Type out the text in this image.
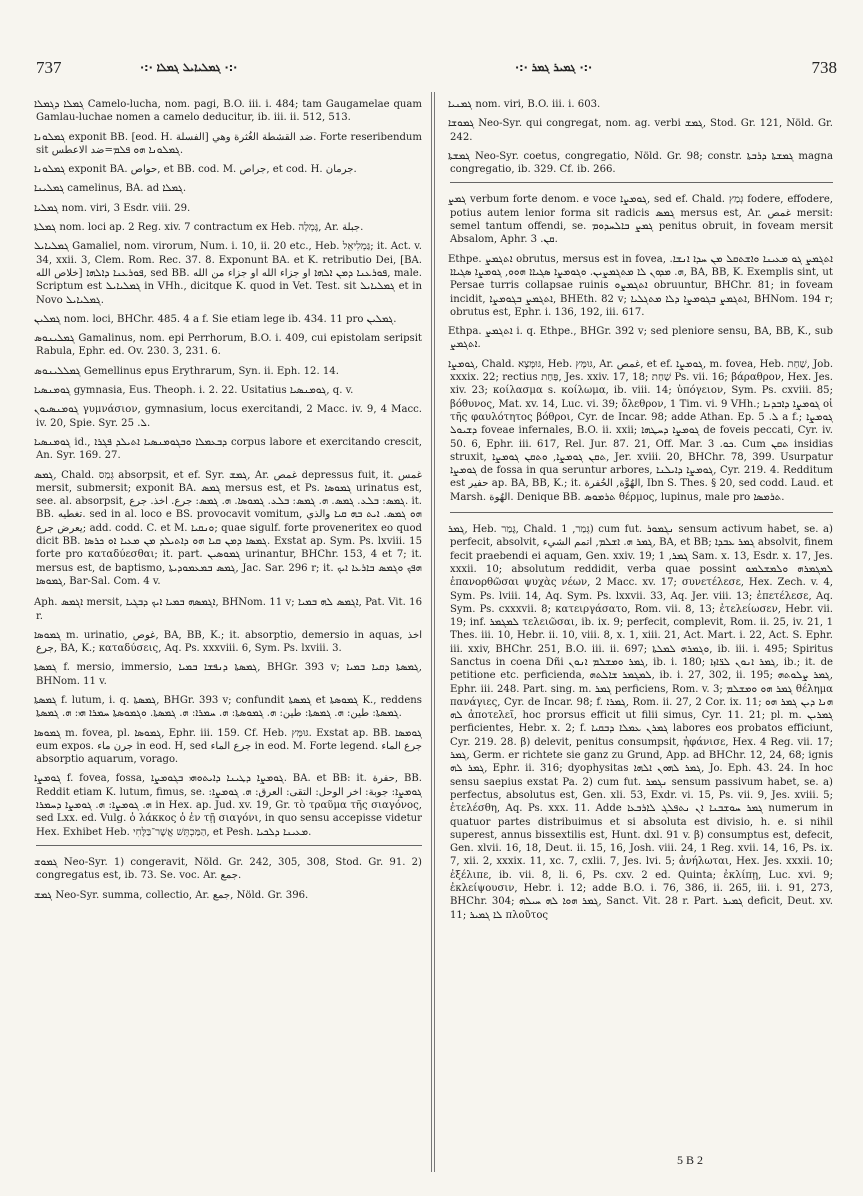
737	·:· ܓܡܠܝܐܝܠ ܓܡܠܐ ·:·	·:· ܓܡܝܪ ܓܡܪ ·:·	738

ܓܡܠܐ ܕܓܡܠܐ Camelo-lucha, nom. pagi, B.O. iii. i. 484; tam Gaugamelae quam Gamlau-luchae nomen a camelo deducitur, ib. iii. ii. 512, 513.

ܓܡܠܘܢܐ exponit BB. [eod. H. الفسلة] ضد القشطة الغُثرة وهي. Forte reseribendum sit ܓܡܠܘܢܐ ܗܘ ܦܠܡ=ضد الاعطس.

ܓܡܠܘܢܐ exponit BA. حواص, et BB. cod. M. جراص, et cod. H. جرمان.

ܓܡܠܝܢܐ camelinus, BA. ad ܓܡܠܐ.

ܓܡܠܝܐ nom. viri, 3 Esdr. viii. 29.

ܓܡܠܬܐ nom. loci ap. 2 Reg. xiv. 7 contractum ex Heb. גֶּמְלָה, Ar. جبلة.

ܓܡܠܝܐܝܠ Gamaliel, nom. virorum, Num. i. 10, ii. 20 etc., Heb. גַּמְלִיאֵל; it. Act. v. 34, xxii. 3, Clem. Rom. Rec. 37. 8. Exponunt BA. et K. retributio Dei, [BA. خلاص الله] ܦܘܪܥܢܐ ܕܐܠܗܐ, sed BB. ܦܘܪܥܢܐ ܕܡܢ ܐܠܗܐ او جزاء الله او جزاء من الله, male. Scriptum est ܓܡܠܝܐܝܠ in VHh., dicitque K. quod in Vet. Test. sit ܓܡܠܝܐܝܠ et in Novo ܓܡܠܝܐܝܠ.

ܓܡܠܝܢ nom. loci, BHChr. 485. 4 a f. Sie etiam lege ib. 434. 11 pro ܓܡܠܝܢ.

ܓܡܠܝܢܘܣ Gamalinus, nom. epi Perrhorum, B.O. i. 409, cui epistolam seripsit Rabula, Ephr. ed. Ov. 230. 3, 231. 6.

ܓܡܠܠܝܢܘܣ Gemellinus epus Erythrarum, Syn. ii. Eph. 12. 14.

ܓܘܡܢܣܝܐ gymnasia, Eus. Theoph. i. 2. 22. Usitatius ܓܘܡܢܣܝܐ, q. v.

ܓܘܡܢܣܝܘܢ γυμνάσιον, gymnasium, locus exercitandi, 2 Macc. iv. 9, 4 Macc. iv. 20, Spie. Syr. ܠ. 25.

ܓܘܡܢܣܝܐ id., ܕܒܥܡܠܐ ܘܒܓܘܡܢܣܝܐ ܐܬܝܠܕ ܦܓܪܐ corpus labore et exercitando crescit, An. Syr. 169. 27.

ܓܡܣ, Chald. גְּמַס absorpsit, et ef. Syr. ܓܡܫ, Ar. غمص depressus fuit, it. غمس mersit, submersit; exponit BA. ܓܡܣ mersus est, et Ps. ܓܡܘܣܐ urinatus est, see. al. absorpsit, ܓܡܣ: ܒܠܥ. ܓܡܣ. ܗ. ܓܡܣ: ܒܠܥ. ܓܡܘܣܐ. ܗ. ܓܡܣ: جرع. اخذ. جرع. it. BB. تغطيه. sed in al. loco e BS. provocavit vomitum, ܗܘ ܓܡܣ. ܐܝܬ ܒܗ ܩܝܐ والذي يعرض جرع; add. codd. C. et M. ܘܢܩܝܐ; quae sigulf. forte proveneritex eo quod dicit BB. ܓܡܣܐ ܕܡܢ ܩܝܐ ܗܘ ܕܐܬܝܠܕ ܡܢ ܡܥܝܐ ܐܘ ܟܪܣܐ. Exstat ap. Sym. Ps. lxviii. 15 forte pro καταδύεσθαι; it. part. ܓܡܘܣܝܢ urinantur, BHChr. 153, 4 et 7; it. mersus est, de baptismo, ܓܡܣ ܒܡܥܡܘܕܝܬܐ, Jac. Sar. 296 r; it. ܗܦܟ ܘܓܡܣ ܒܐܪܥܐ ܐܝܟ ܓܡܘܣܐ, Bar-Sal. Com. 4 v.

Aph. ܐܓܡܣ mersit, ܐܓܡܣܗ ܒܡܝܐ ܐܝܟ ܕܒܓܝܐ, BHNom. 11 v; ܐܓܡܣ ܠܗ ܒܡܝܐ, Pat. Vit. 16 r.

ܓܡܘܣܐ m. urinatio, غوص, BA, BB, K.; it. absorptio, demersio in aquas, اخذ جرع, BA, K.; καταδύσεις, Aq. Ps. xxxviii. 6, Sym. Ps. lxviii. 3.

ܓܡܣܬܐ f. mersio, immersio, ܓܡܣܬܐ ܕܢܦܫܐ ܒܡܝܐ, BHGr. 393 v; ܓܡܣܬܐ ܕܩܝܐ ܒܡܝܐ, BHNom. 11 v.

ܓܡܣܬܐ f. lutum, i. q. ܓܡܣܬܐ, BHGr. 393 v; confundit ܓܡܣܬܐ et ܓܡܘܣܬܐ K., reddens ܓܡܣܬܐ: طين: ܗ. ܓܡܣܬܐ: طين: ܗ. ܓܡܘܣܬܐ: ܗ. ܚܡܪܐ: ܗ. ܓܡܣܬܐ. ܘܓܡܘܣܬܐ ܚܡܪܐ ܗܝ: ܗ. ܓܡܣܬܐ.

ܓܡܘܣܐ m. fovea, pl. ܓܡܘܣܐ, Ephr. iii. 159. Cf. Heb. גּוּמָּץ. Exstat ap. BB. ܓܘܡܣܐ eum expos. جرن ماء in eod. H, sed جرع الماء in eod. M. Forte legend. جرع الماء absorptio aquarum, vorago.

ܓܘܡܨܐ f. fovea, fossa, ܓܘܡܨܐ ܕܛܝܢܐ ܕܐܝܬܘܗܝ ܒܓܘܡܨܐ. BA. et BB: it. حفرة, BB. Reddit etiam K. lutum, fimus, se. ܓܘܡܨܐ: جوبة: اخر الوحل: التقى: العرق: ܗ. ܓܘܡܨܐ: ܗ. ܓܘܡܨܐ: ܗ. ܓܘܡܨܐ ܕܚܡܪܐ in Hex. ap. Jud. xv. 19, Gr. τὸ τραῦμα τῆς σιαγόνος, sed Lxx. ed. Vulg. ὁ λάκκος ὁ ἐν τῇ σιαγόνι, in quo sensu accepisse videtur Hex. Exhibet Heb. הַמַּכְתֵּשׁ אֲשֶׁר־בַּלֶּחִי, et Pesh. ܡܥܝܢܐ ܕܠܟܝܐ.

ܓܡܘܫ Neo-Syr. 1) congeravit, Nöld. Gr. 242, 305, 308, Stod. Gr. 91. 2) congregatus est, ib. 73. Se. voc. Ar. جمع.

ܓܡܫ Neo-Syr. summa, collectio, Ar. جمع, Nöld. Gr. 396.

ܓܡܢܝܐ nom. viri, B.O. iii. i. 603.

ܓܡܘܫܐ Neo-Syr. qui congregat, nom. ag. verbi ܓܡܫ, Stod. Gr. 121, Nöld. Gr. 242.

ܓܡܫܬܐ Neo-Syr. coetus, congregatio, Nöld. Gr. 98; constr. ܓܡܫܬܐ ܕܪܒܬܐ magna congregatio, ib. 329. Cf. ib. 266.

ܓܡܨ verbum forte denom. e voce ܓܘܡܨܐ, sed ef. Chald. גְּמַץ fodere, effodere, potius autem lenior forma sit radicis ܓܡܣ mersus est, Ar. غمص mersit: semel tantum offendi, se. ܓܡܨ ܒܐܠܚܕܘܡ penitus obruit, in foveam mersit Absalom, Aphr. ܩܢ. 3.

Ethpe. ܐܬܓܡܨ obrutus, mersus est in fovea, ܐܬܓܡܨ ܓܘ ܡܥܝܢܐ ܘܐܫܬܩܠ ܡܢ ܚܕܐ ܐܢܫܐ. ܗ. ܡܕܘܢ ܠܐ ܡܬܓܡܨܝܢ. ܘܓܘܡܨܐ ܣܓܝܐܐ ܗܘܘ, ܓܘܡܨܐ ܣܓܝܐܐ, BA, BB, K. Exemplis sint, ut Persae turris collapsae ruinis ܐܬܓܡܨܘ obruuntur, BHChr. 81; in foveam incidit, ܐܬܓܡܨ ܒܓܘܡܨܐ, BHEth. 82 v; ܐܬܓܡܨ ܒܓܘܡܨܐ ܕܠܐ ܡܬܓܠܝܐ, BHNom. 194 r; obrutus est, Ephr. i. 136, 192, iii. 617.

Ethpa. ܐܬܓܡܨ i. q. Ethpe., BHGr. 392 v; sed pleniore sensu, BA, BB, K., sub ܐܬܓܡܨ.

ܓܘܡܨܐ, Chald. גּוּמָּצָא, Heb. גּוּמָּץ, Ar. غمص, et ef. ܓܘܡܨܐ, m. fovea, Heb. שַׁחַת, Job. xxxix. 22; rectius פַּחַת, Jes. xxiv. 17, 18; שַׁחַת Ps. vii. 16; βάραθρον, Hex. Jes. xiv. 23; κοίλασμα s. κοίλωμα, ib. viii. 14; ὑπόγειον, Sym. Ps. cxviii. 85; βόθυνος, Mat. xv. 14, Luc. vi. 39; ὄλεθρον, 1 Tim. vi. 9 VHh.; ܓܘܡܨܐ ܕܐܒܕܢܐ οἱ τῆς φαυλότητος βόθροι, Cyr. de Incar. 98; adde Athan. Ep. ܠ. 5 a f.; ܓܘܡܨܐ ܕܫܝܘܠ foveae infernales, B.O. ii. xxii; ܓܘܡܨܐ ܕܚܛܗܐ de foveis peccati, Cyr. iv. 50. 6, Ephr. iii. 617, Rel. Jur. 87. 21, Off. Mar. ܟܘ. 3. Cum ܬܩܢ insidias struxit, ܬܩܢ ܓܘܡܨܐ, ܘܬܩܢ ܓܘܡܨܐ, Jer. xviii. 20, BHChr. 78, 399. Usurpatur ܓܘܡܨܐ de fossa in qua seruntur arbores, ܓܘܡܨܐ ܕܐܝܠܢܐ, Cyr. 219. 4. Redditum est حفير ap. BA, BB, K.; it. الهُوَّة, الحُفرة, Ibn S. Thes. § 20, sed codd. Laud. et Marsh. الهُوة. Denique BB. ܬܪܡܘܣ θέρμος, lupinus, male pro ܬܪܡܣܐ.

ܓܡܪ, Heb. גָּמַר, Chald. גְּמַר, 1) cum fut. ܢܓܡܘܪ sensum activum habet, se. a) perfecit, absolvit, ܓܡܪ ܗ. ܐܫܠܡ, اتمم الشيء, BA, et BB; ܓܡܪ ܥܒܕܐ absolvit, finem fecit praebendi ei aquam, Gen. xxiv. 19; ܓܡܪ, 1 Sam. x. 13, Esdr. x. 17, Jes. xxxii. 10; absolutum reddidit, verba quae possint ܠܡܓܡܪܗ ܘܠܡܫܠܡܘ ἐπανορθῶσαι ψυχὰς νέων, 2 Macc. xv. 17; συνετέλεσε, Hex. Zech. v. 4, Sym. Ps. lviii. 14, Aq. Sym. Ps. lxxvii. 33, Aq. Jer. viii. 13; ἐπετέλεσε, Aq. Sym. Ps. cxxxvii. 8; κατειργάσατο, Rom. vii. 8, 13; ἐτελείωσεν, Hebr. vii. 19; inf. ܠܡܓܡܪ τελειῶσαι, ib. ix. 9; perfecit, complevit, Rom. ii. 25, iv. 21, 1 Thes. iii. 10, Hebr. ii. 10, viii. 8, x. 1, xiii. 21, Act. Mart. i. 22, Act. S. Ephr. iii. xxiv, BHChr. 251, B.O. iii. ii. 697; ܘܓܡܪܗ ܠܡܠܬܐ, ib. iii. i. 495; Spiritus Sanctus in coena Dñi ܓܡܪ ܘܡܫܠܡ ܐܢܘܢ, ib. i. 180; ܓܡܪ ܐܢܘܢ ܠܪ̈ܐܙܐ, ib.; it. de petitione etc. perficienda, ܠܡܓܡܪ ܫܐܠܬܗ, ib. i. 27, 302, ii. 195; ܓܡܪ ܨܠܘܬܗ, Ephr. iii. 248. Part. sing. m. ܓܡܪ perficiens, Rom. v. 3; ܓܡܪ ܗܘ ܘܡܫܠܡ θέλημα πανάγιες, Cyr. de Incar. 98; f. ܓܡܪܐ, Rom. ii. 27, 2 Cor. ix. 11; ܗܢܐ ܕܝܢ ܓܡܪ ܗܘ ܠܗ ἀποτελεῖ, hoc prorsus efficit ut filii simus, Cyr. 11. 21; pl. m. ܓܡܪܝܢ perficientes, Hebr. x. 2; f. ܓܡܪܢ ܥܡܠܐ ܕܒܩܝܐ labores eos probatos efficiunt, Cyr. 219. 28. β) delevit, penitus consumpsit, ἠφάνισε, Hex. 4 Reg. vii. 17; ܓܡܪ, Germ. er richtete sie ganz zu Grund, App. ad BHChr. 12, 24, 68; ignis ܓܡܪ ܠܗ, Ephr. ii. 316; dyophysitas ܓܡܪ ܠܗܘܢ ܐܠܗܐ, Jo. Eph. 43. 24. In hoc sensu saepius exstat Pa. 2) cum fut. ܢܓܡܪ sensum passivum habet, se. a) perfectus, absolutus est, Gen. xli. 53, Exdr. vi. 15, Ps. vii. 9, Jes. xviii. 5; ἐτελέσθη, Aq. Ps. xxx. 11. Adde ܓܡܪ ܚܘܫܒܢܐ ܐܢ ܢܬܦܠܓ ܠܐܪܒܥܐ numerum in quatuor partes distribuimus et si absoluta est divisio, h. e. si nihil superest, annus bissextilis est, Hunt. dxl. 91 v. β) consumptus est, defecit, Gen. xlvii. 16, 18, Deut. ii. 15, 16, Josh. viii. 24, 1 Reg. xvii. 14, 16, Ps. ix. 7, xii. 2, xxxix. 11, xc. 7, cxlii. 7, Jes. lvi. 5; ἀνήλωται, Hex. Jes. xxxii. 10; ἐξέλιπε, ib. vii. 8, li. 6, Ps. cxv. 2 ed. Quinta; ἐκλίπῃ, Luc. xvi. 9; ἐκλείψουσιν, Hebr. i. 12; adde B.O. i. 76, 386, ii. 265, iii. i. 91, 273, BHChr. 304; ܓܡܪ ܗܘܐ ܠܗ ܚܝܠܗ, Sanct. Vit. 28 r. Part. ܓܡܝܪ deficit, Deut. xv. 11; ܠܐ ܓܡܝܪ πλοῦτος

5 B 2
